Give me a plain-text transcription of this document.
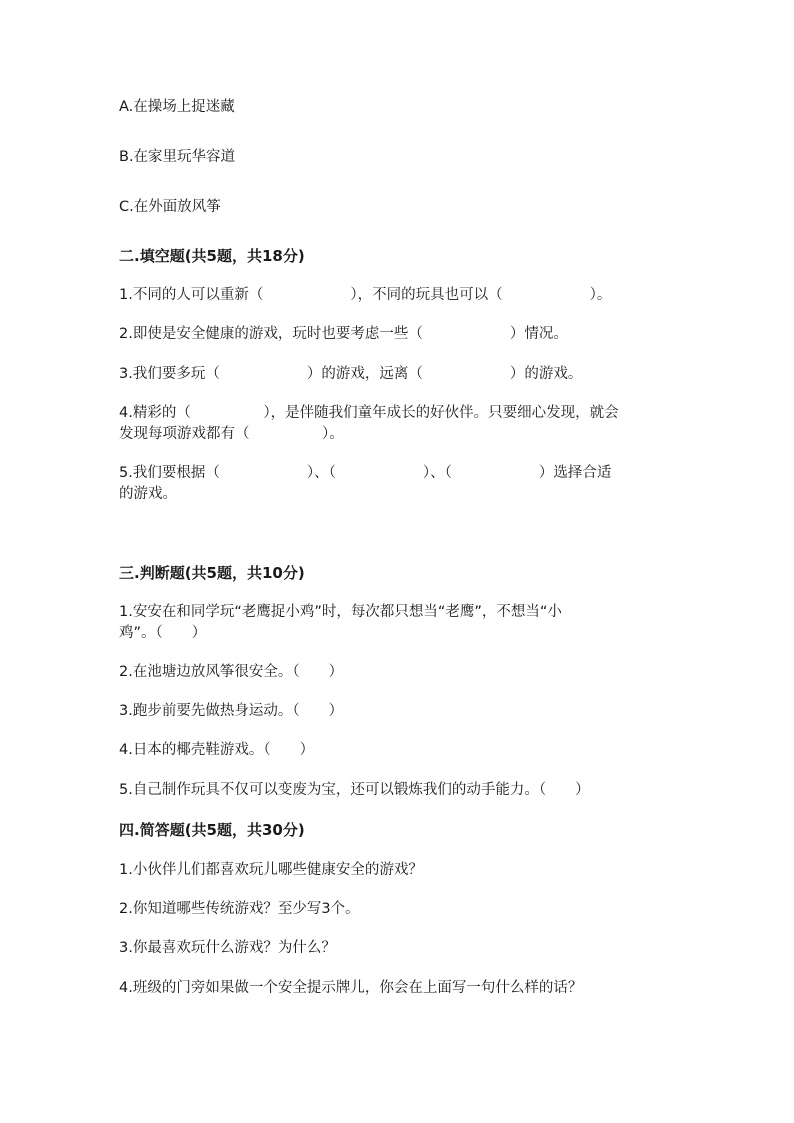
A.在操场上捉迷藏
B.在家里玩华容道
C.在外面放风筝
二.填空题(共5题，共18分)
1.不同的人可以重新（　　　　　　），不同的玩具也可以（　　　　　　）。
2.即使是安全健康的游戏，玩时也要考虑一些（　　　　　　）情况。
3.我们要多玩（　　　　　　）的游戏，远离（　　　　　　）的游戏。
4.精彩的（　　　　　），是伴随我们童年成长的好伙伴。只要细心发现，就会
发现每项游戏都有（　　　　　）。
5.我们要根据（　　　　　　）、（　　　　　　）、（　　　　　　）选择合适
的游戏。
三.判断题(共5题，共10分)
1.安安在和同学玩“老鹰捉小鸡”时，每次都只想当“老鹰”，不想当“小
鸡”。（　　）
2.在池塘边放风筝很安全。（　　）
3.跑步前要先做热身运动。（　　）
4.日本的椰壳鞋游戏。（　　）
5.自己制作玩具不仅可以变废为宝，还可以锻炼我们的动手能力。（　　）
四.简答题(共5题，共30分)
1.小伙伴儿们都喜欢玩儿哪些健康安全的游戏？
2.你知道哪些传统游戏？至少写3个。
3.你最喜欢玩什么游戏？为什么？
4.班级的门旁如果做一个安全提示牌儿，你会在上面写一句什么样的话？
